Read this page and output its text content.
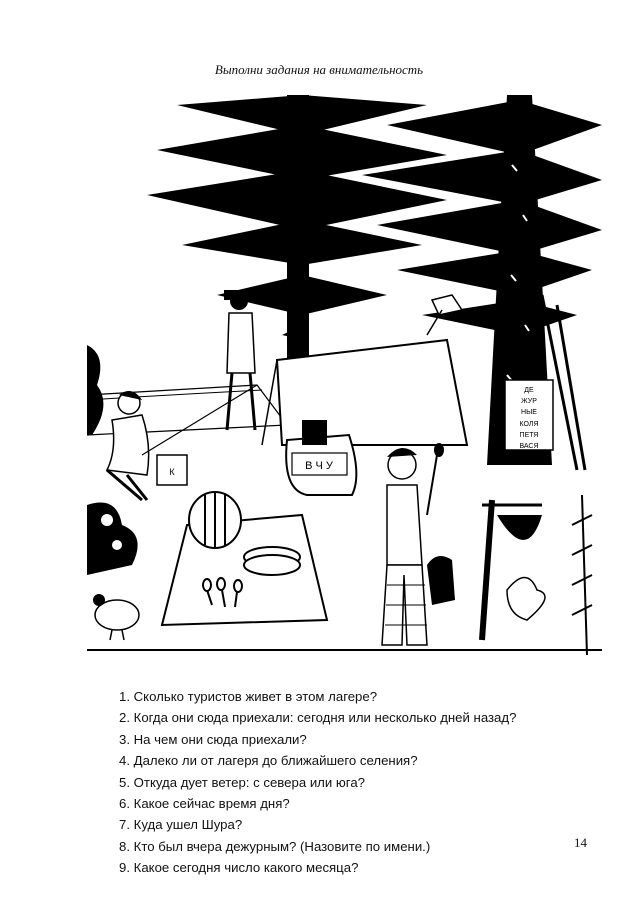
Выполни задания на внимательность
В Ч У
ДЕ
ЖУР
НЫЕ
КОЛЯ
ПЕТЯ
ВАСЯ
К
1. Сколько туристов живет в этом лагере?
2. Когда они сюда приехали: сегодня или несколько дней назад?
3. На чем они сюда приехали?
4. Далеко ли от лагеря до ближайшего селения?
5. Откуда дует ветер: с севера или юга?
6. Какое сейчас время дня?
7. Куда ушел Шура?
8. Кто был вчера дежурным? (Назовите по имени.)
9. Какое сегодня число какого месяца?
14
